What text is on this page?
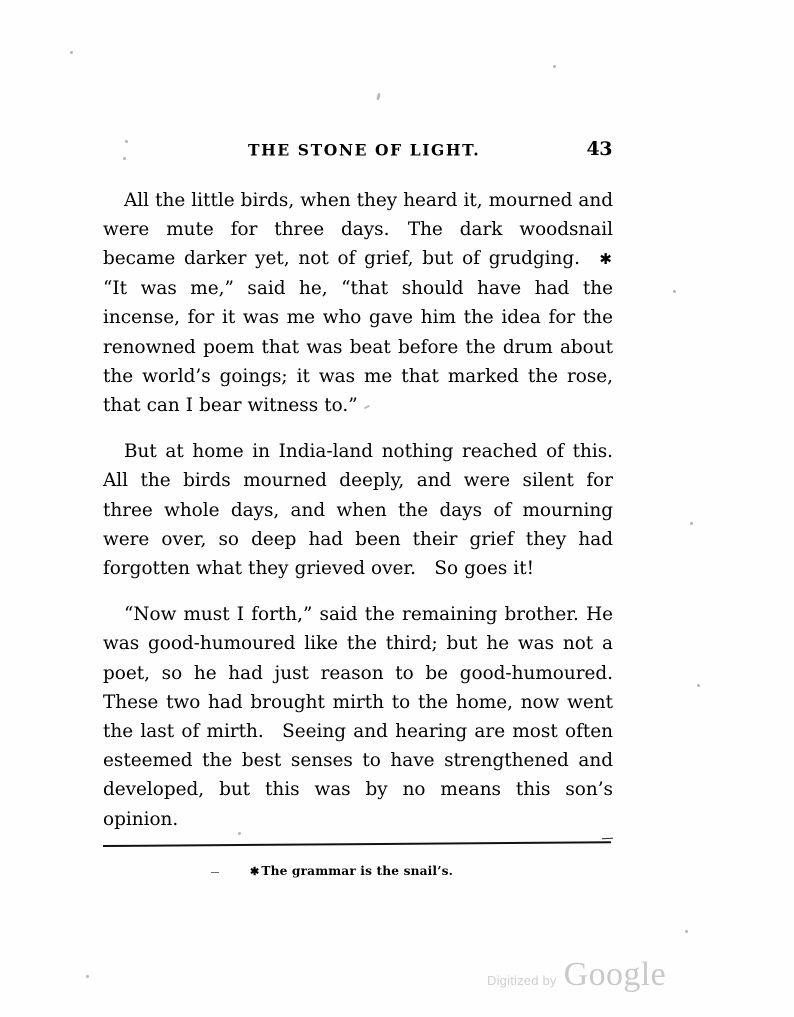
THE STONE OF LIGHT.	43

All the little birds, when they heard it, mourned and were mute for three days. The dark woodsnail became darker yet, not of grief, but of grudging. ✱ “It was me,” said he, “that should have had the incense, for it was me who gave him the idea for the renowned poem that was beat before the drum about the world’s goings; it was me that marked the rose, that can I bear witness to.”

But at home in India-land nothing reached of this. All the birds mourned deeply, and were silent for three whole days, and when the days of mourning were over, so deep had been their grief they had forgotten what they grieved over. So goes it!

“Now must I forth,” said the remaining brother. He was good-humoured like the third; but he was not a poet, so he had just reason to be good-humoured. These two had brought mirth to the home, now went the last of mirth. Seeing and hearing are most often esteemed the best senses to have strengthened and developed, but this was by no means this son’s opinion.

✱ The grammar is the snail’s.
Digitized by Google
